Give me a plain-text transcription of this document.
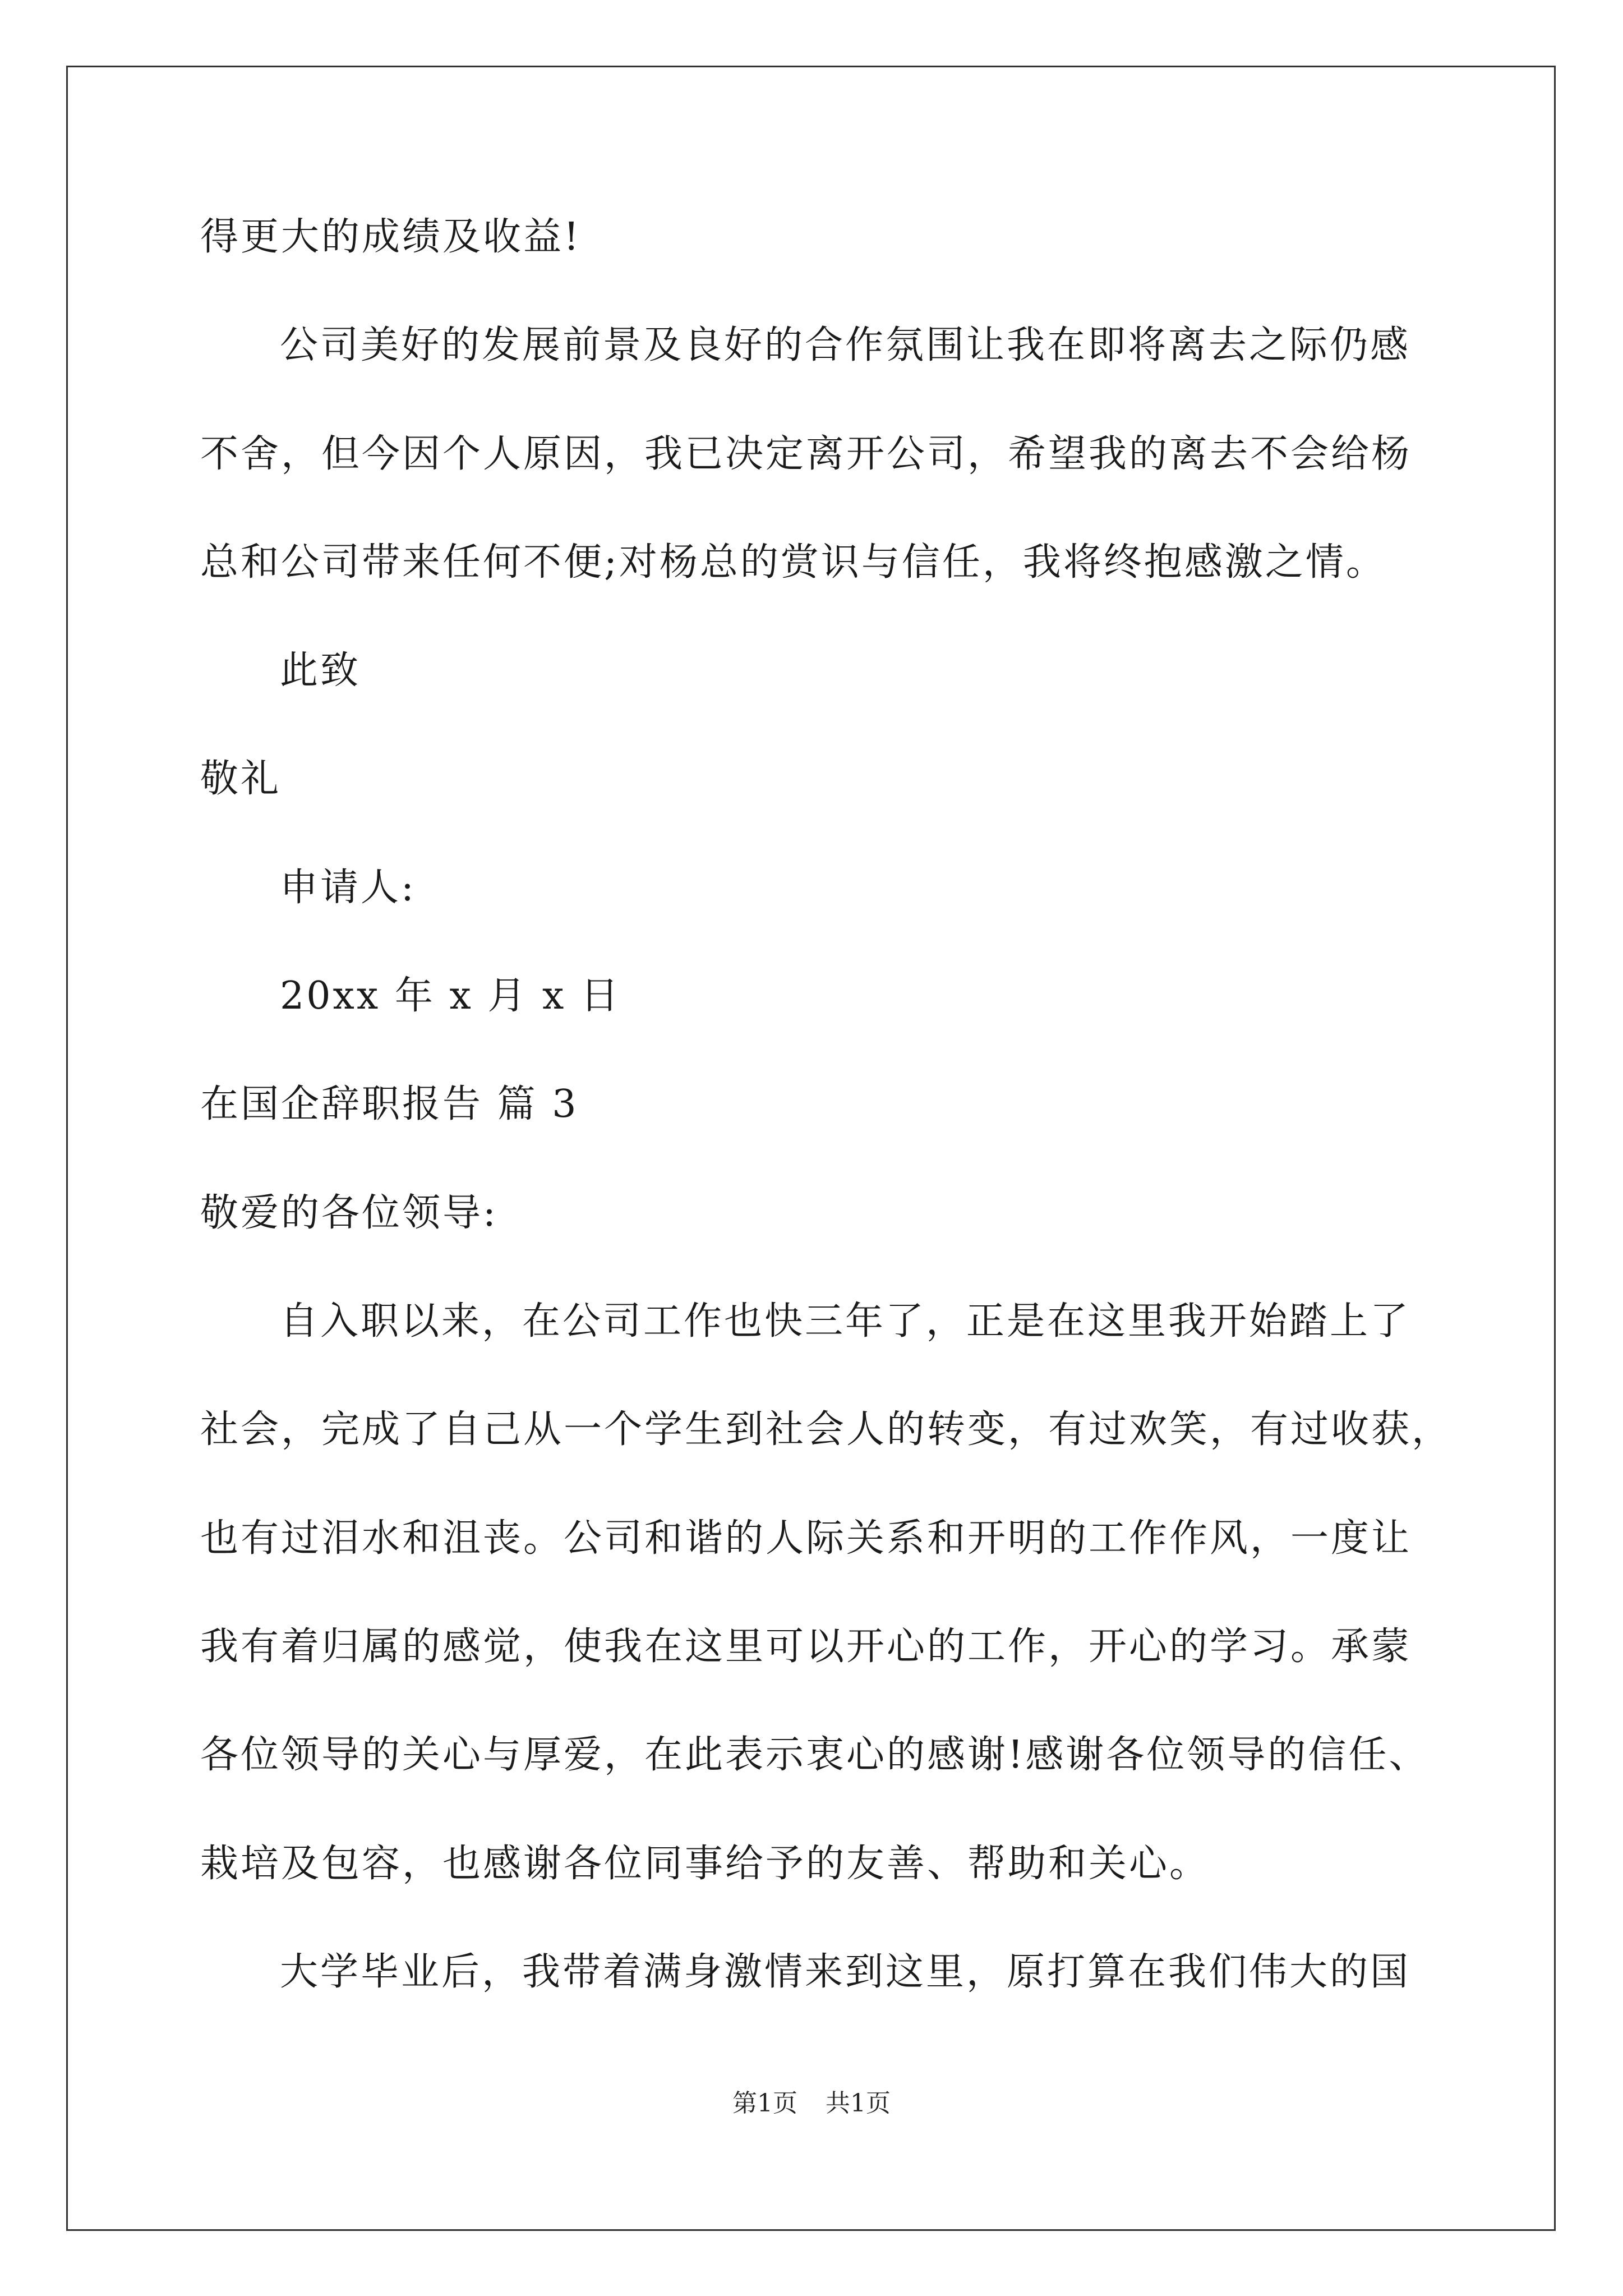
得更大的成绩及收益!
公司美好的发展前景及良好的合作氛围让我在即将离去之际仍感
不舍，但今因个人原因，我已决定离开公司，希望我的离去不会给杨
总和公司带来任何不便;对杨总的赏识与信任，我将终抱感激之情。
此致
敬礼
申请人:
20xx 年 x 月 x 日
在国企辞职报告 篇 3
敬爱的各位领导:
自入职以来，在公司工作也快三年了，正是在这里我开始踏上了
社会，完成了自己从一个学生到社会人的转变，有过欢笑，有过收获，
也有过泪水和沮丧。公司和谐的人际关系和开明的工作作风，一度让
我有着归属的感觉，使我在这里可以开心的工作，开心的学习。承蒙
各位领导的关心与厚爱，在此表示衷心的感谢!感谢各位领导的信任、
栽培及包容，也感谢各位同事给予的友善、帮助和关心。
大学毕业后，我带着满身激情来到这里，原打算在我们伟大的国
第1页 共1页
